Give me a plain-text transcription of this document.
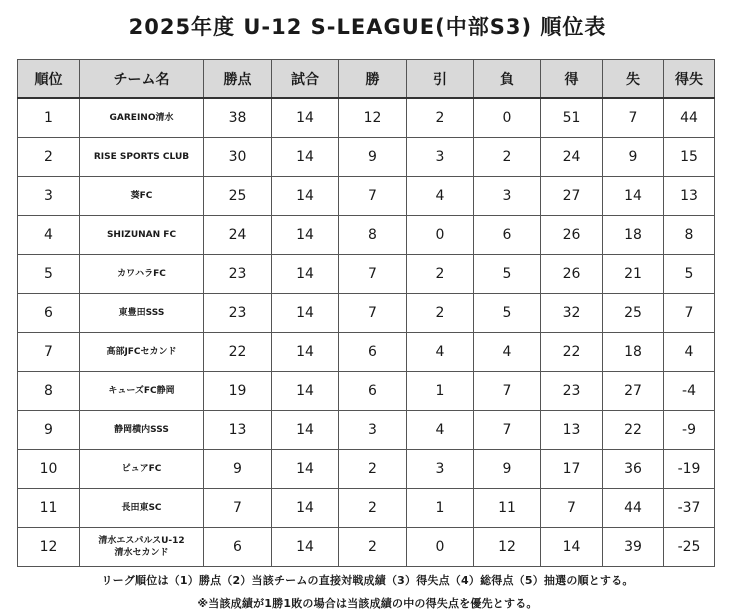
2025年度 U-12 S-LEAGUE(中部S3) 順位表
順位	チーム名	勝点	試合	勝	引	負	得	失	得失
1	GAREINO清水	38	14	12	2	0	51	7	44
2	RISE SPORTS CLUB	30	14	9	3	2	24	9	15
3	葵FC	25	14	7	4	3	27	14	13
4	SHIZUNAN FC	24	14	8	0	6	26	18	8
5	カワハラFC	23	14	7	2	5	26	21	5
6	東豊田SSS	23	14	7	2	5	32	25	7
7	高部JFCセカンド	22	14	6	4	4	22	18	4
8	キューズFC静岡	19	14	6	1	7	23	27	-4
9	静岡横内SSS	13	14	3	4	7	13	22	-9
10	ピュアFC	9	14	2	3	9	17	36	-19
11	長田東SC	7	14	2	1	11	7	44	-37
12	清水エスパルスU-12
清水セカンド	6	14	2	0	12	14	39	-25
リーグ順位は（1）勝点（2）当該チームの直接対戦成績（3）得失点（4）総得点（5）抽選の順とする。
※当該成績が1勝1敗の場合は当該成績の中の得失点を優先とする。
